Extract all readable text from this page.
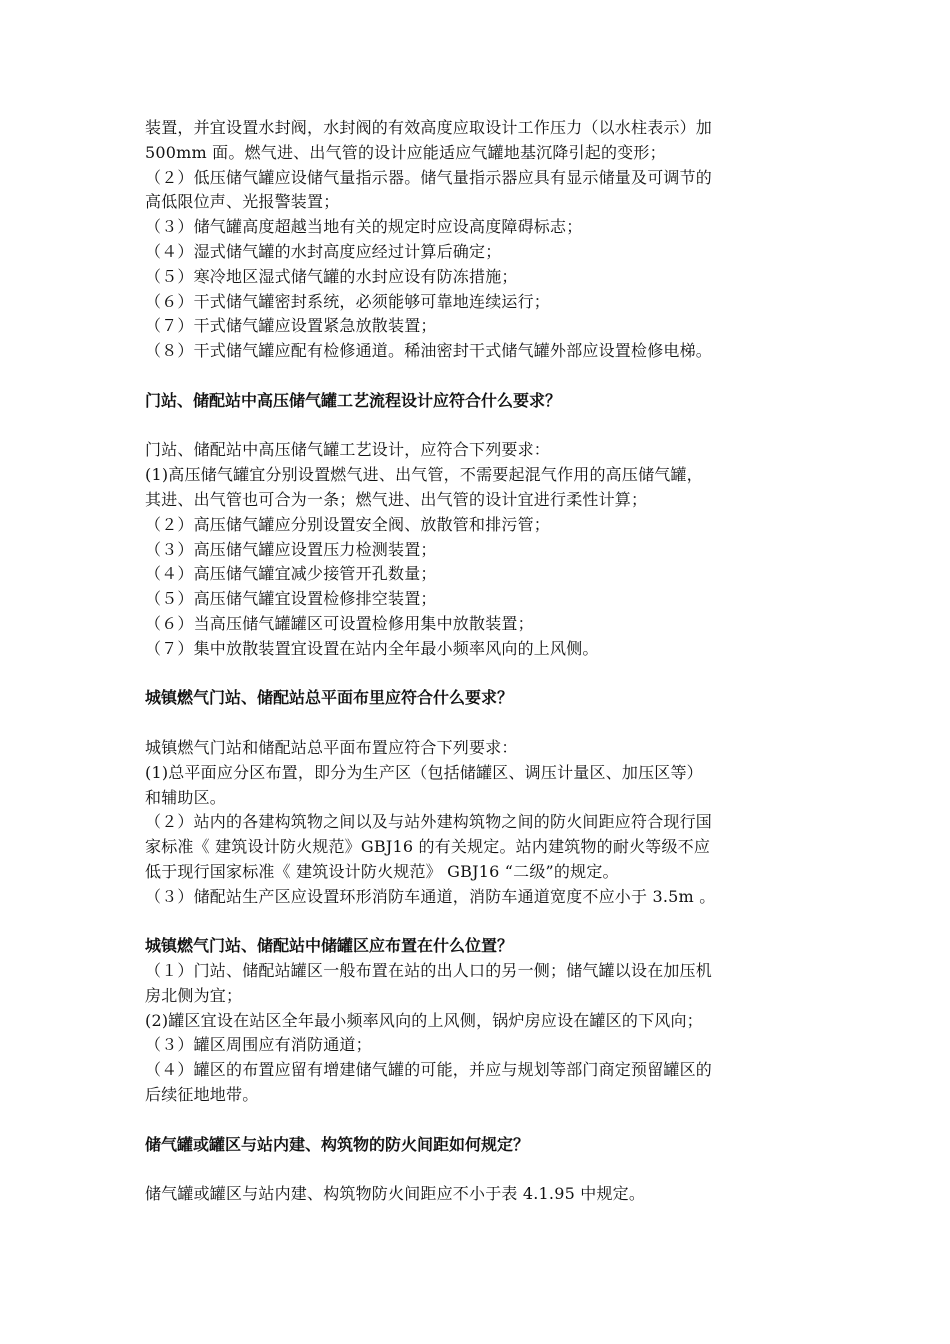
装置，并宜设置水封阀，水封阀的有效高度应取设计工作压力（以水柱表示）加
500mm 面。燃气进、出气管的设计应能适应气罐地基沉降引起的变形；
（２）低压储气罐应设储气量指示器。储气量指示器应具有显示储量及可调节的
高低限位声、光报警装置；
（３）储气罐高度超越当地有关的规定时应设高度障碍标志；
（４）湿式储气罐的水封高度应经过计算后确定；
（５）寒冷地区湿式储气罐的水封应设有防冻措施；
（６）干式储气罐密封系统，必须能够可靠地连续运行；
（７）干式储气罐应设置紧急放散装置；
（８）干式储气罐应配有检修通道。稀油密封干式储气罐外部应设置检修电梯。
门站、储配站中高压储气罐工艺流程设计应符合什么要求？
门站、储配站中高压储气罐工艺设计，应符合下列要求：
(1)高压储气罐宜分别设置燃气进、出气管，不需要起混气作用的高压储气罐，
其进、出气管也可合为一条；燃气进、出气管的设计宜进行柔性计算；
（２）高压储气罐应分别设置安全阀、放散管和排污管；
（３）高压储气罐应设置压力检测装置；
（４）高压储气罐宜减少接管开孔数量；
（５）高压储气罐宜设置检修排空装置；
（６）当高压储气罐罐区可设置检修用集中放散装置；
（７）集中放散装置宜设置在站内全年最小频率风向的上风侧。
城镇燃气门站、储配站总平面布里应符合什么要求？
城镇燃气门站和储配站总平面布置应符合下列要求：
(1)总平面应分区布置，即分为生产区（包括储罐区、调压计量区、加压区等）
和辅助区。
（２）站内的各建构筑物之间以及与站外建构筑物之间的防火间距应符合现行国
家标准《 建筑设计防火规范》GBJ16 的有关规定。站内建筑物的耐火等级不应
低于现行国家标准《 建筑设计防火规范》 GBJ16 “二级”的规定。
（３）储配站生产区应设置环形消防车通道，消防车通道宽度不应小于 3.5m 。
城镇燃气门站、储配站中储罐区应布置在什么位置？
（１）门站、储配站罐区一般布置在站的出人口的另一侧；储气罐以设在加压机
房北侧为宜；
(2)罐区宜设在站区全年最小频率风向的上风侧，锅炉房应设在罐区的下风向；
（３）罐区周围应有消防通道；
（４）罐区的布置应留有增建储气罐的可能，并应与规划等部门商定预留罐区的
后续征地地带。
储气罐或罐区与站内建、构筑物的防火间距如何规定？
储气罐或罐区与站内建、构筑物防火间距应不小于表 4.1.95 中规定。
